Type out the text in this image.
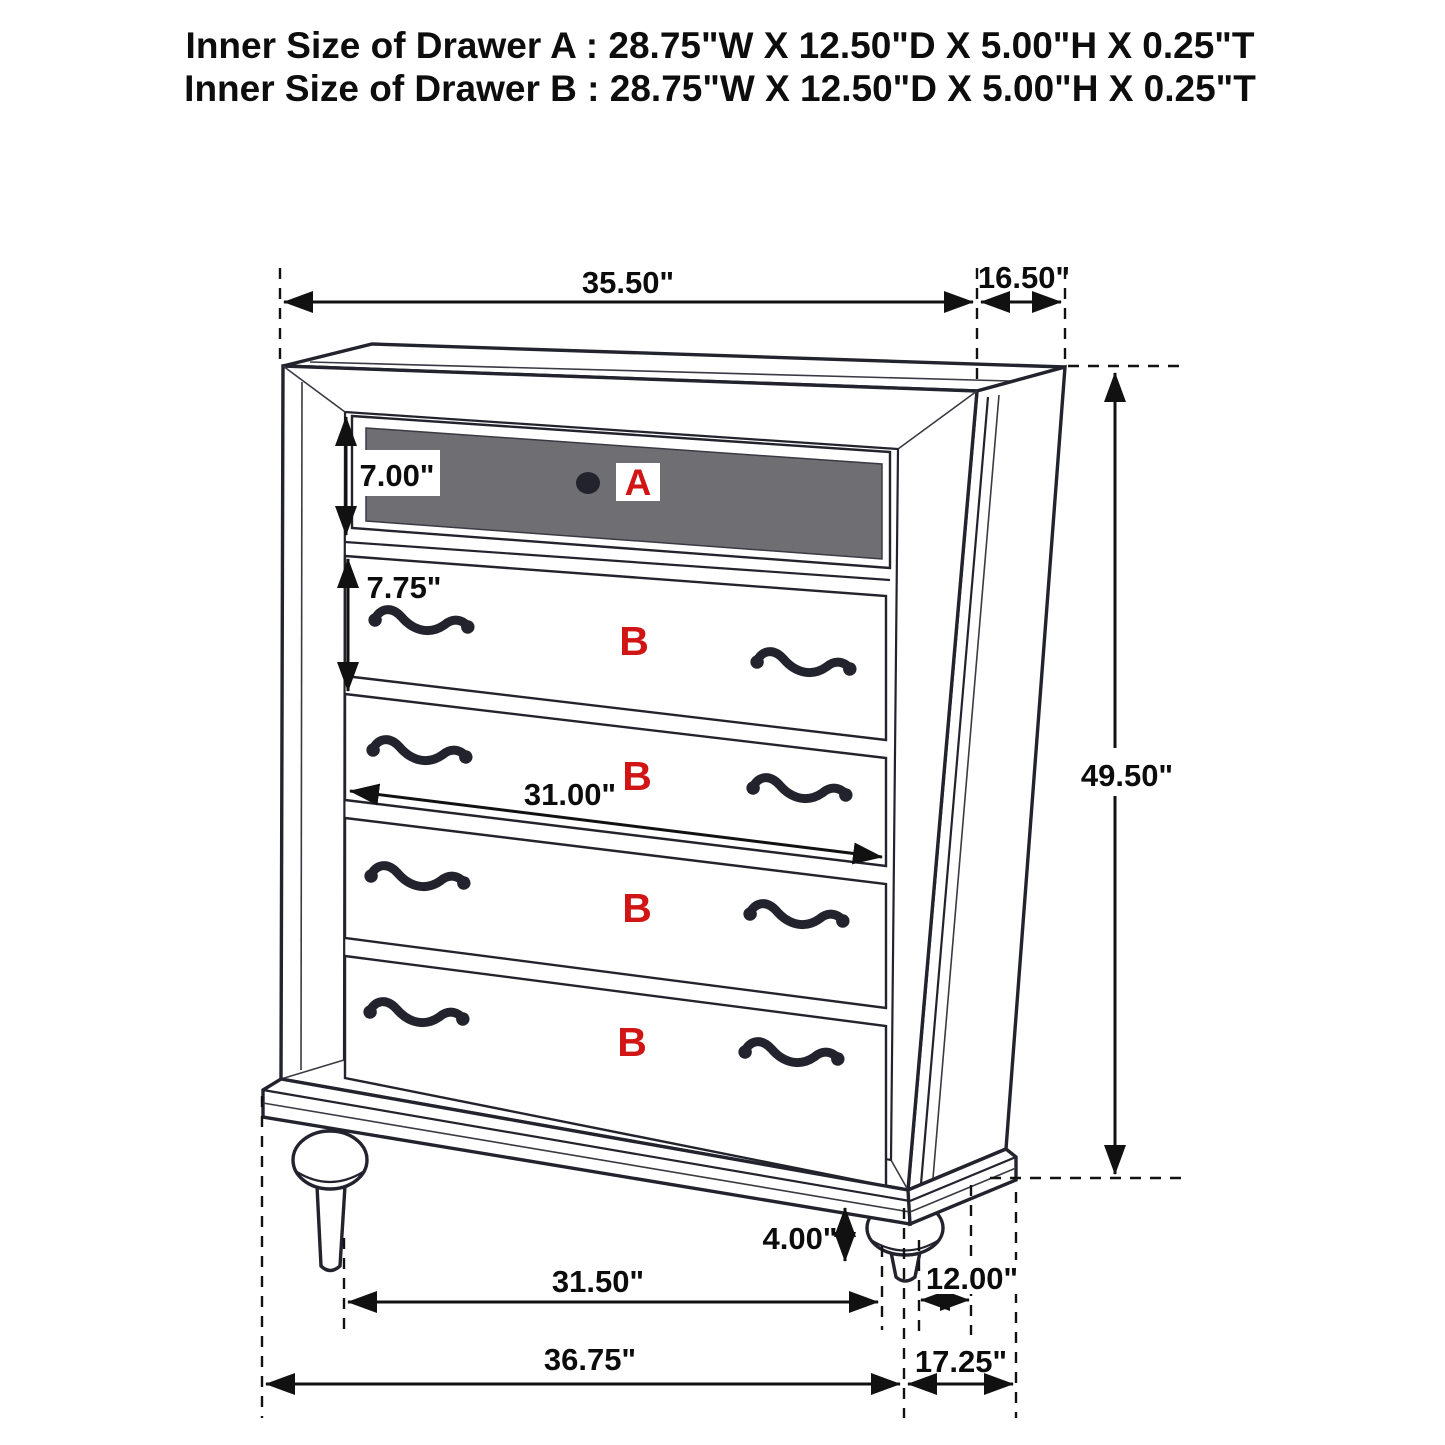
Inner Size of Drawer A : 28.75"W X 12.50"D X 5.00"H X 0.25"T
Inner Size of Drawer B : 28.75"W X 12.50"D X 5.00"H X 0.25"T
35.50"	16.50"
7.00"
7.75"
31.00"
49.50"
4.00"
31.50"	12.00"
36.75"	17.25"
A
B
B
B
B
